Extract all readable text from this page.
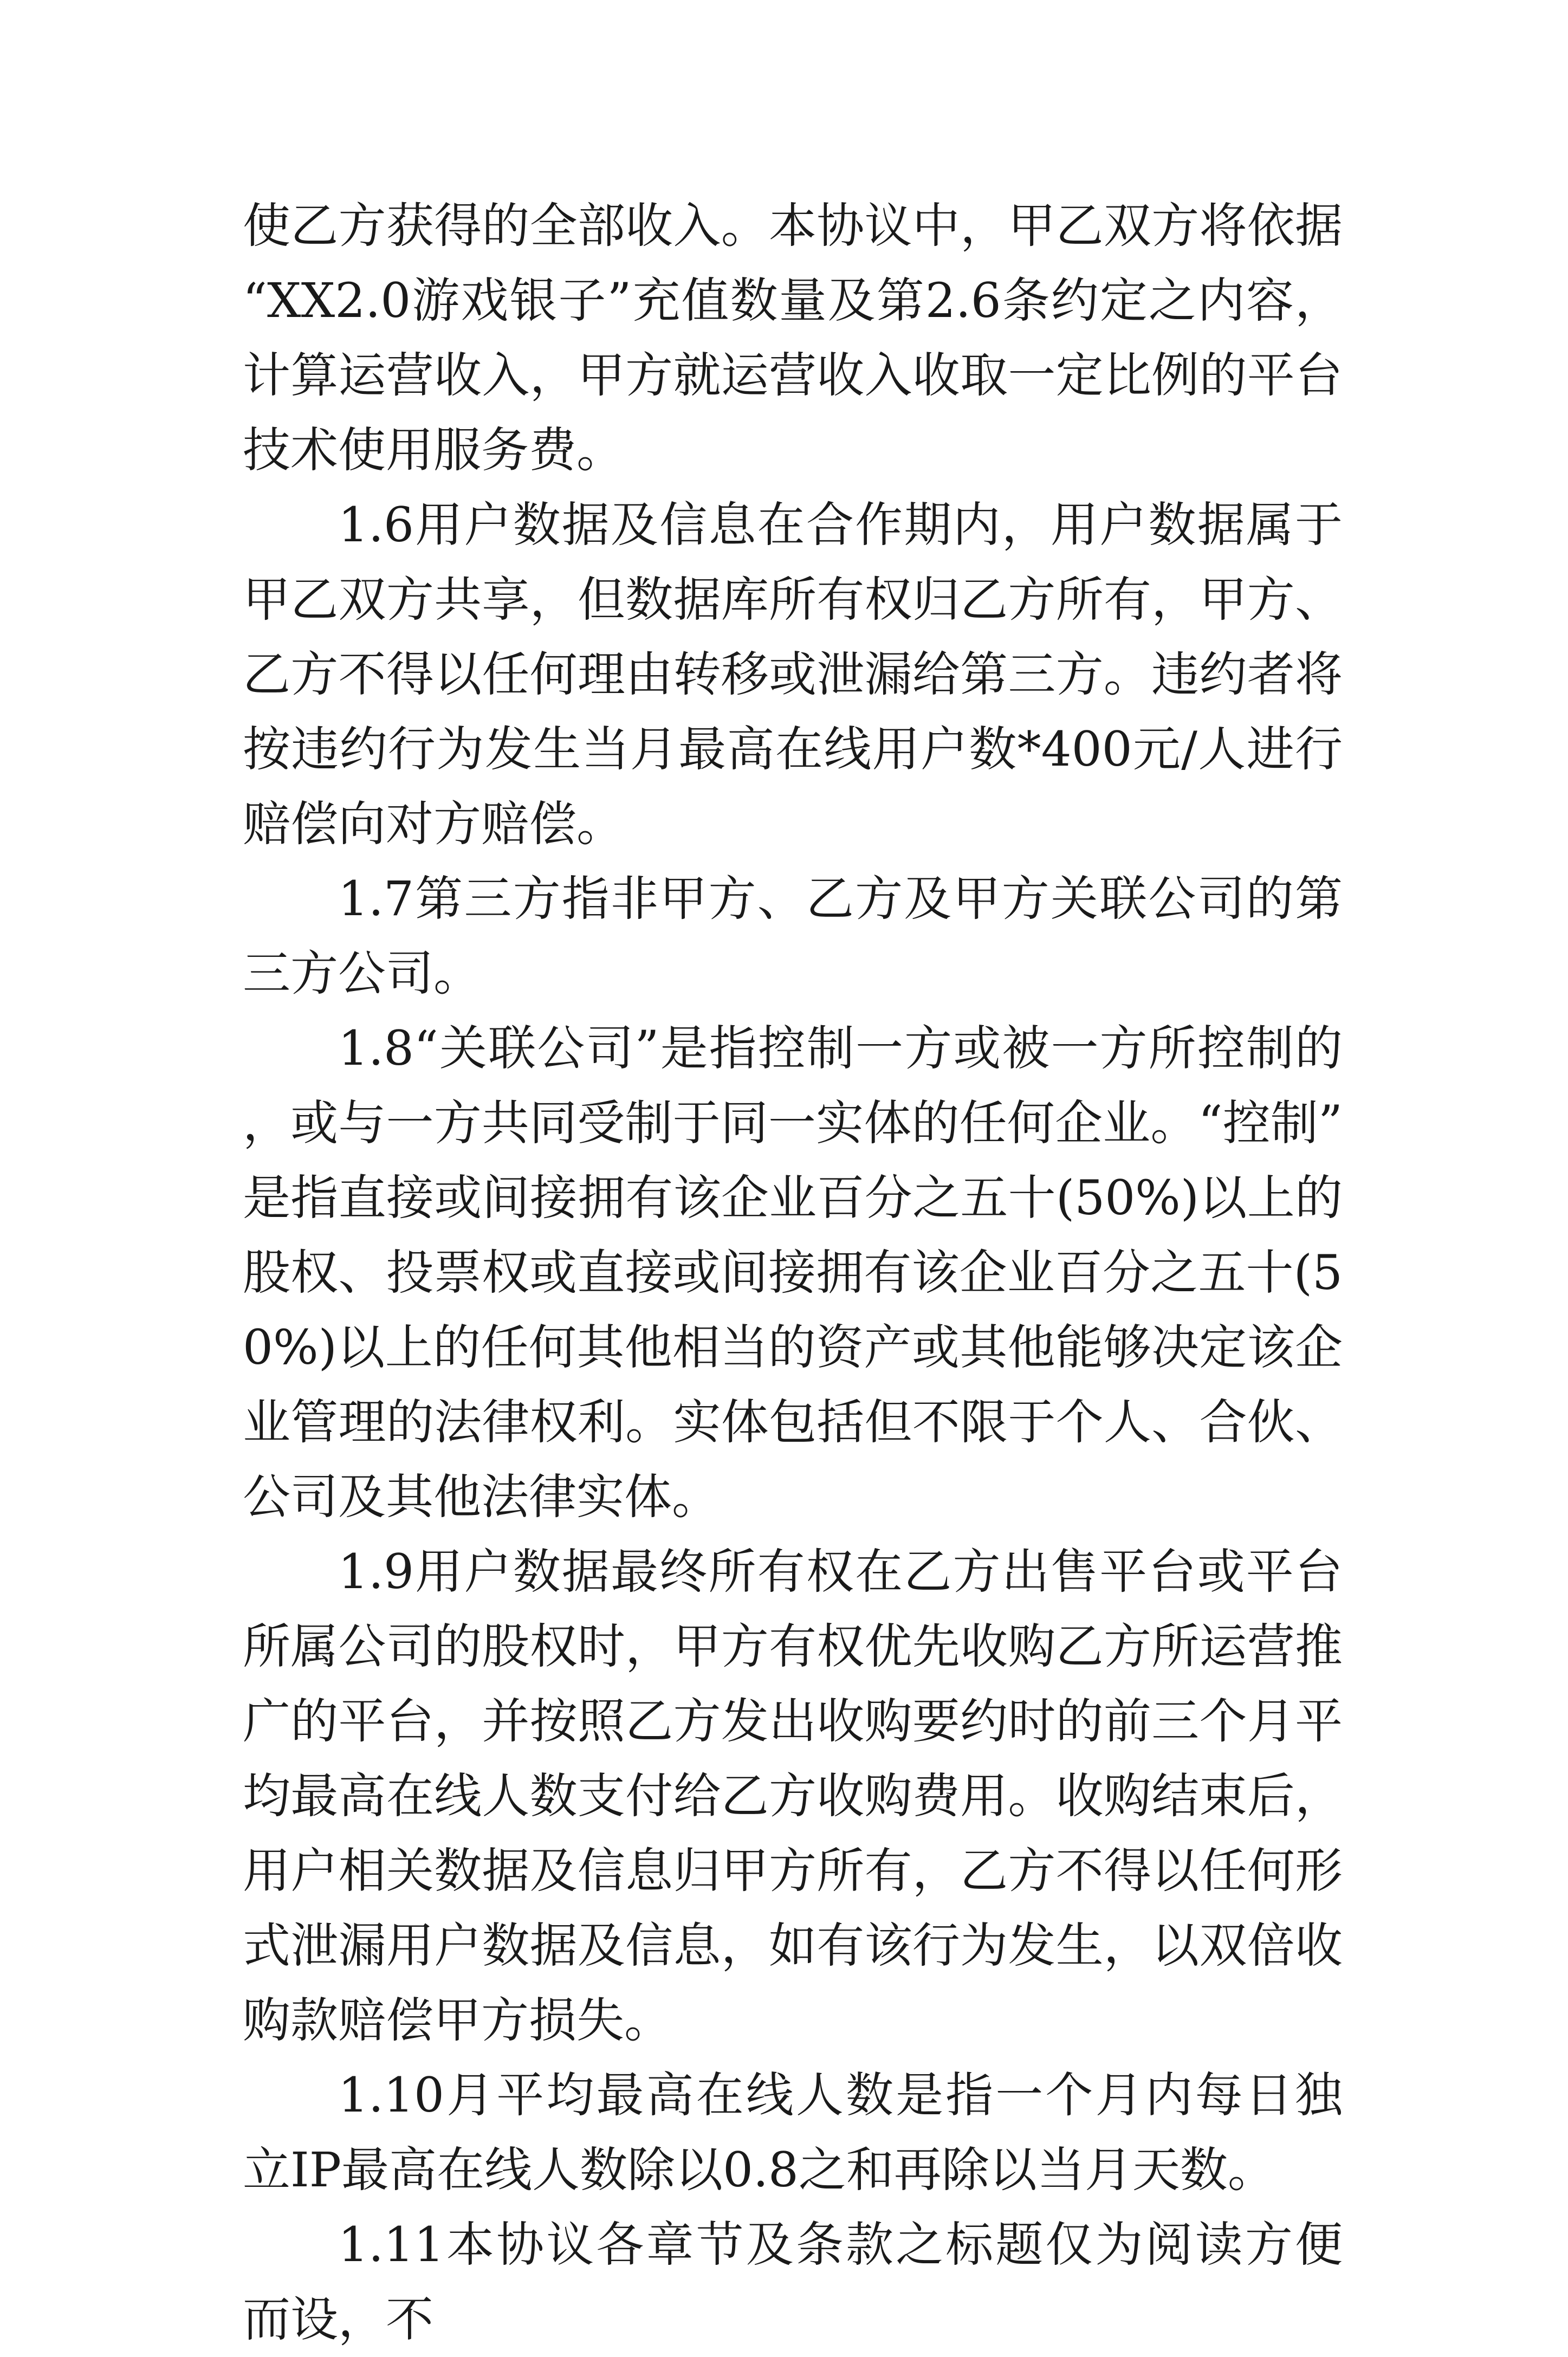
使乙方获得的全部收入。本协议中，甲乙双方将依据“XX2.0游戏银子”充值数量及第2.6条约定之内容，计算运营收入，甲方就运营收入收取一定比例的平台技术使用服务费。

1.6用户数据及信息在合作期内，用户数据属于甲乙双方共享，但数据库所有权归乙方所有，甲方、乙方不得以任何理由转移或泄漏给第三方。违约者将按违约行为发生当月最高在线用户数*400元/人进行赔偿向对方赔偿。

1.7第三方指非甲方、乙方及甲方关联公司的第三方公司。

1.8“关联公司”是指控制一方或被一方所控制的，或与一方共同受制于同一实体的任何企业。“控制”是指直接或间接拥有该企业百分之五十(50%)以上的股权、投票权或直接或间接拥有该企业百分之五十(50%)以上的任何其他相当的资产或其他能够决定该企业管理的法律权利。实体包括但不限于个人、合伙、公司及其他法律实体。

1.9用户数据最终所有权在乙方出售平台或平台所属公司的股权时，甲方有权优先收购乙方所运营推广的平台，并按照乙方发出收购要约时的前三个月平均最高在线人数支付给乙方收购费用。收购结束后，用户相关数据及信息归甲方所有，乙方不得以任何形式泄漏用户数据及信息，如有该行为发生，以双倍收购款赔偿甲方损失。

1.10月平均最高在线人数是指一个月内每日独立IP最高在线人数除以0.8之和再除以当月天数。

1.11本协议各章节及条款之标题仅为阅读方便而设，不
